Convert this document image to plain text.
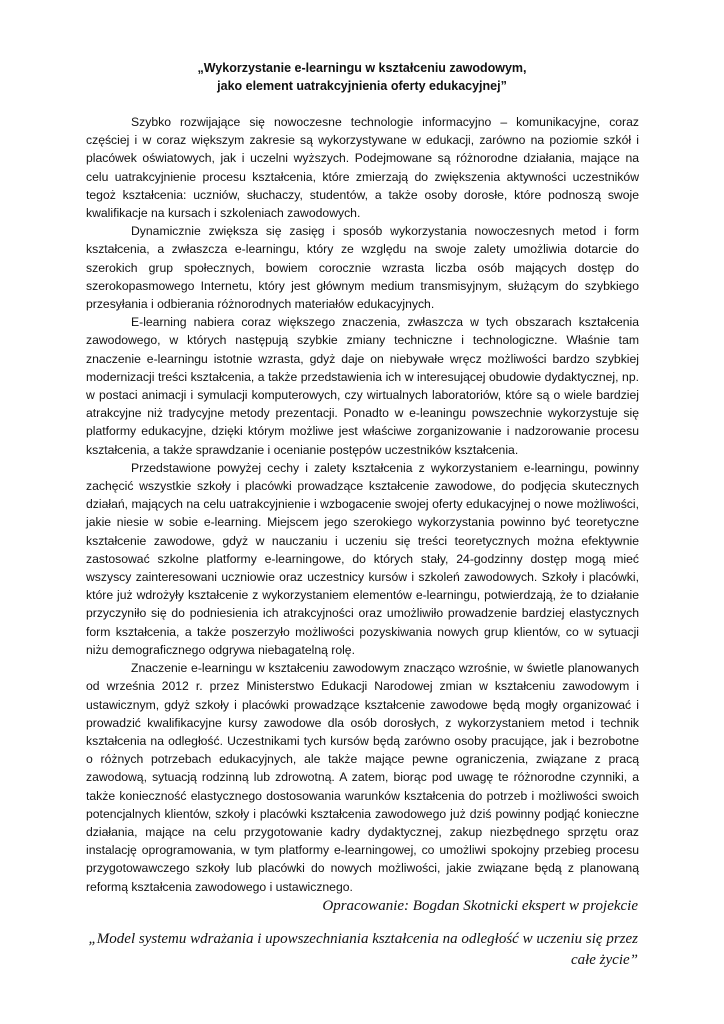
„Wykorzystanie e-learningu w kształceniu zawodowym,
jako element uatrakcyjnienia oferty edukacyjnej”

Szybko rozwijające się nowoczesne technologie informacyjno – komunikacyjne, coraz częściej i w coraz większym zakresie są wykorzystywane w edukacji, zarówno na poziomie szkół i placówek oświatowych, jak i uczelni wyższych. Podejmowane są różnorodne działania, mające na celu uatrakcyjnienie procesu kształcenia, które zmierzają do zwiększenia aktywności uczestników tegoż kształcenia: uczniów, słuchaczy, studentów, a także osoby dorosłe, które podnoszą swoje kwalifikacje na kursach i szkoleniach zawodowych.

Dynamicznie zwiększa się zasięg i sposób wykorzystania nowoczesnych metod i form kształcenia, a zwłaszcza e-learningu, który ze względu na swoje zalety umożliwia dotarcie do szerokich grup społecznych, bowiem corocznie wzrasta liczba osób mających dostęp do szerokopasmowego Internetu, który jest głównym medium transmisyjnym, służącym do szybkiego przesyłania i odbierania różnorodnych materiałów edukacyjnych.

E-learning nabiera coraz większego znaczenia, zwłaszcza w tych obszarach kształcenia zawodowego, w których następują szybkie zmiany techniczne i technologiczne. Właśnie tam znaczenie e-learningu istotnie wzrasta, gdyż daje on niebywałe wręcz możliwości bardzo szybkiej modernizacji treści kształcenia, a także przedstawienia ich w interesującej obudowie dydaktycznej, np. w postaci animacji i symulacji komputerowych, czy wirtualnych laboratoriów, które są o wiele bardziej atrakcyjne niż tradycyjne metody prezentacji. Ponadto w e-leaningu powszechnie wykorzystuje się platformy edukacyjne, dzięki którym możliwe jest właściwe zorganizowanie i nadzorowanie procesu kształcenia, a także sprawdzanie i ocenianie postępów uczestników kształcenia.

Przedstawione powyżej cechy i zalety kształcenia z wykorzystaniem e-learningu, powinny zachęcić wszystkie szkoły i placówki prowadzące kształcenie zawodowe, do podjęcia skutecznych działań, mających na celu uatrakcyjnienie i wzbogacenie swojej oferty edukacyjnej o nowe możliwości, jakie niesie w sobie e-learning. Miejscem jego szerokiego wykorzystania powinno być teoretyczne kształcenie zawodowe, gdyż w nauczaniu i uczeniu się treści teoretycznych można efektywnie zastosować szkolne platformy e-learningowe, do których stały, 24-godzinny dostęp mogą mieć wszyscy zainteresowani uczniowie oraz uczestnicy kursów i szkoleń zawodowych. Szkoły i placówki, które już wdrożyły kształcenie z wykorzystaniem elementów e-learningu, potwierdzają, że to działanie przyczyniło się do podniesienia ich atrakcyjności oraz umożliwiło prowadzenie bardziej elastycznych form kształcenia, a także poszerzyło możliwości pozyskiwania nowych grup klientów, co w sytuacji niżu demograficznego odgrywa niebagatelną rolę.

Znaczenie e-learningu w kształceniu zawodowym znacząco wzrośnie, w świetle planowanych od września 2012 r. przez Ministerstwo Edukacji Narodowej zmian w kształceniu zawodowym i ustawicznym, gdyż szkoły i placówki prowadzące kształcenie zawodowe będą mogły organizować i prowadzić kwalifikacyjne kursy zawodowe dla osób dorosłych, z wykorzystaniem metod i technik kształcenia na odległość. Uczestnikami tych kursów będą zarówno osoby pracujące, jak i bezrobotne o różnych potrzebach edukacyjnych, ale także mające pewne ograniczenia, związane z pracą zawodową, sytuacją rodzinną lub zdrowotną. A zatem, biorąc pod uwagę te różnorodne czynniki, a także konieczność elastycznego dostosowania warunków kształcenia do potrzeb i możliwości swoich potencjalnych klientów, szkoły i placówki kształcenia zawodowego już dziś powinny podjąć konieczne działania, mające na celu przygotowanie kadry dydaktycznej, zakup niezbędnego sprzętu oraz instalację oprogramowania, w tym platformy e-learningowej, co umożliwi spokojny przebieg procesu przygotowawczego szkoły lub placówki do nowych możliwości, jakie związane będą z planowaną reformą kształcenia zawodowego i ustawicznego.

Opracowanie: Bogdan Skotnicki ekspert w projekcie
„Model systemu wdrażania i upowszechniania kształcenia na odległość w uczeniu się przez całe życie”
